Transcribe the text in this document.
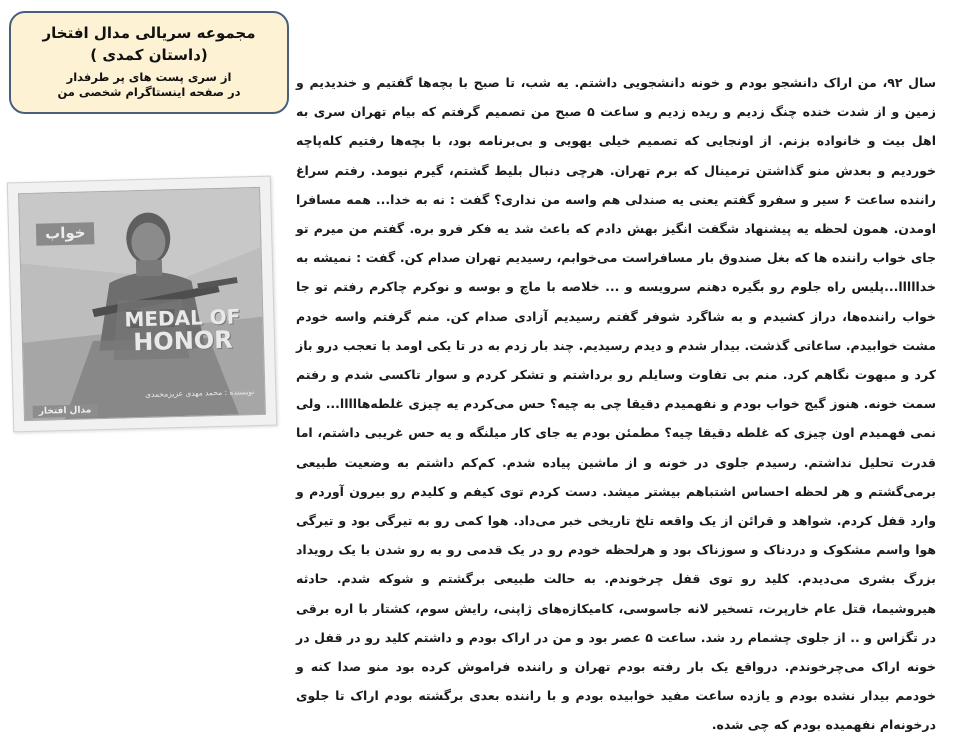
مجموعه سریالی مدال افتخار
(داستان کمدی )
از سری پست های پر طرفدار
در صفحه اینستاگرام شخصی من
خواب
MEDAL OF
HONOR
نویسنده : محمد مهدی عزیزمحمدی
مدال افتخار
سال ۹۲، من اراک دانشجو بودم و خونه دانشجویی داشتم. یه شب، تا صبح با بچه‌ها گفتیم و خندیدیم و زمین و از شدت خنده چنگ زدیم و ریده زدیم و ساعت ۵ صبح من تصمیم گرفتم که بیام تهران سری به اهل بیت و خانواده بزنم. از اونجایی که تصمیم خیلی یهویی و بی‌برنامه بود، با بچه‌ها رفتیم کله‌پاچه خوردیم و بعدش منو گذاشتن ترمینال که برم تهران. هرچی دنبال بلیط گشتم، گیرم نیومد. رفتم سراغ راننده ساعت ۶ سیر و سفرو گفتم یعنی یه صندلی هم واسه من نداری؟ گفت : نه به خدا... همه مسافرا اومدن. همون لحظه یه پیشنهاد شگفت انگیز بهش دادم که باعث شد یه فکر فرو بره. گفتم من میرم تو جای خواب راننده ها که بغل صندوق بار مسافراست می‌خوابم، رسیدیم تهران صدام کن. گفت : نمیشه به خدااااا...پلیس راه جلوم رو بگیره دهنم سرویسه و ... خلاصه با ماچ و بوسه و نوکرم چاکرم رفتم تو جا خواب راننده‌ها، دراز کشیدم و به شاگرد شوفر گفتم رسیدیم آزادی صدام کن. منم گرفتم واسه خودم مشت خوابیدم. ساعاتی گذشت. بیدار شدم و دیدم رسیدیم. چند بار زدم به در تا یکی اومد با تعجب درو باز کرد و مبهوت نگاهم کرد. منم بی تفاوت وسایلم رو برداشتم و تشکر کردم و سوار تاکسی شدم و رفتم سمت خونه. هنوز گیج خواب بودم و نفهمیدم دقیقا چی به چیه؟ حس می‌کردم یه چیزی غلطه‌هااااا... ولی نمی فهمیدم اون چیزی که غلطه دقیقا چیه؟ مطمئن بودم یه جای کار میلنگه و یه حس غریبی داشتم، اما قدرت تحلیل نداشتم. رسیدم جلوی در خونه و از ماشین پیاده شدم. کم‌کم داشتم به وضعیت طبیعی برمی‌گشتم و هر لحظه احساس اشتباهم بیشتر میشد. دست کردم توی کیفم و کلیدم رو بیرون آوردم و وارد قفل کردم. شواهد و قرائن از یک واقعه تلخ تاریخی خبر می‌داد. هوا کمی رو به تیرگی بود و تیرگی هوا واسم مشکوک و دردناک و سوزناک بود و هرلحظه خودم رو در یک قدمی رو به رو شدن با یک رویداد بزرگ بشری می‌دیدم. کلید رو توی قفل چرخوندم. به حالت طبیعی برگشتم و شوکه شدم. حادثه هیروشیما، قتل عام خارپرت، تسخیر لانه جاسوسی، کامیکازه‌های ژاپنی، رایش سوم، کشتار با اره برقی در تگزاس و .. از جلوی چشمام رد شد. ساعت ۵ عصر بود و من در اراک بودم و داشتم کلید رو در قفل در خونه اراک می‌چرخوندم. درواقع یک بار رفته بودم تهران و راننده فراموش کرده بود منو صدا کنه و خودمم بیدار نشده بودم و یازده ساعت مفید خوابیده بودم و با راننده بعدی برگشته بودم اراک تا جلوی درخونه‌ام نفهمیده بودم که چی شده.
